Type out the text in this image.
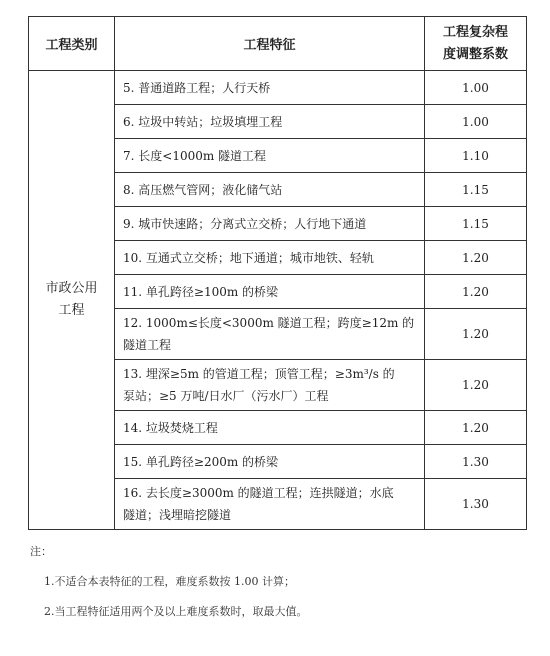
工程类别	工程特征	工程复杂程
度调整系数

市政公用
工程	5. 普通道路工程；人行天桥	1.00

	6. 垃圾中转站；垃圾填埋工程	1.00

	7. 长度<1000m 隧道工程	1.10

	8. 高压燃气管网；液化储气站	1.15

	9. 城市快速路；分离式立交桥；人行地下通道	1.15

	10. 互通式立交桥；地下通道；城市地铁、轻轨	1.20

	11. 单孔跨径≥100m 的桥梁	1.20

	12. 1000m≤长度<3000m 隧道工程；跨度≥12m 的
隧道工程	1.20

	13. 埋深≥5m 的管道工程；顶管工程；≥3m³/s 的
泵站；≥5 万吨/日水厂（污水厂）工程	1.20

	14. 垃圾焚烧工程	1.20

	15. 单孔跨径≥200m 的桥梁	1.30

	16. 去长度≥3000m 的隧道工程；连拱隧道；水底
隧道；浅埋暗挖隧道	1.30
注：
1.不适合本表特征的工程，难度系数按 1.00 计算；
2.当工程特征适用两个及以上难度系数时，取最大值。
